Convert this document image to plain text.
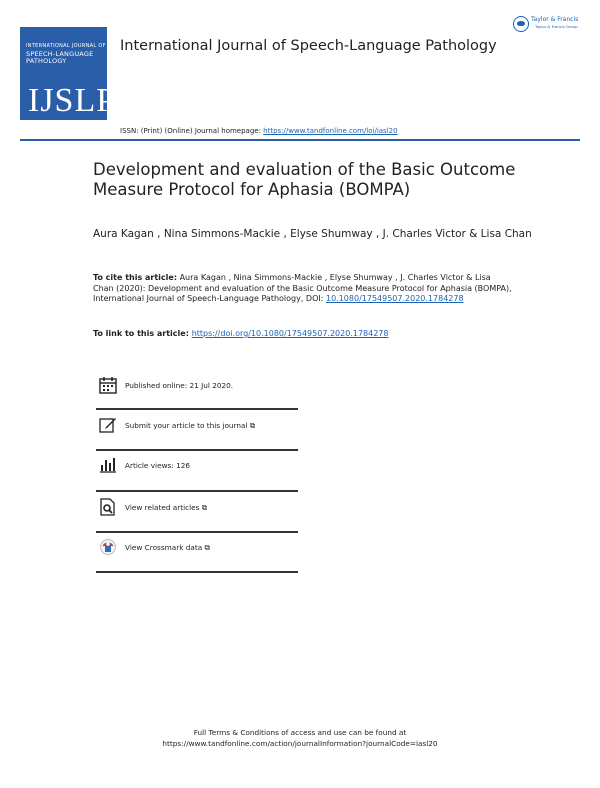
INTERNATIONAL JOURNAL OF
SPEECH-LANGUAGE
PATHOLOGY
IJSLP
International Journal of Speech-Language Pathology
Taylor & Francis
Taylor & Francis Group
ISSN: (Print) (Online) Journal homepage: https://www.tandfonline.com/loi/iasl20
Development and evaluation of the Basic Outcome Measure Protocol for Aphasia (BOMPA)
Aura Kagan , Nina Simmons-Mackie , Elyse Shumway , J. Charles Victor & Lisa Chan
To cite this article: Aura Kagan , Nina Simmons-Mackie , Elyse Shumway , J. Charles Victor & Lisa Chan (2020): Development and evaluation of the Basic Outcome Measure Protocol for Aphasia (BOMPA), International Journal of Speech-Language Pathology, DOI: 10.1080/17549507.2020.1784278
To link to this article: https://doi.org/10.1080/17549507.2020.1784278
Published online: 21 Jul 2020.
Submit your article to this journal ⧉
Article views: 126
View related articles ⧉
View Crossmark data ⧉
Full Terms & Conditions of access and use can be found at
https://www.tandfonline.com/action/journalInformation?journalCode=iasl20
